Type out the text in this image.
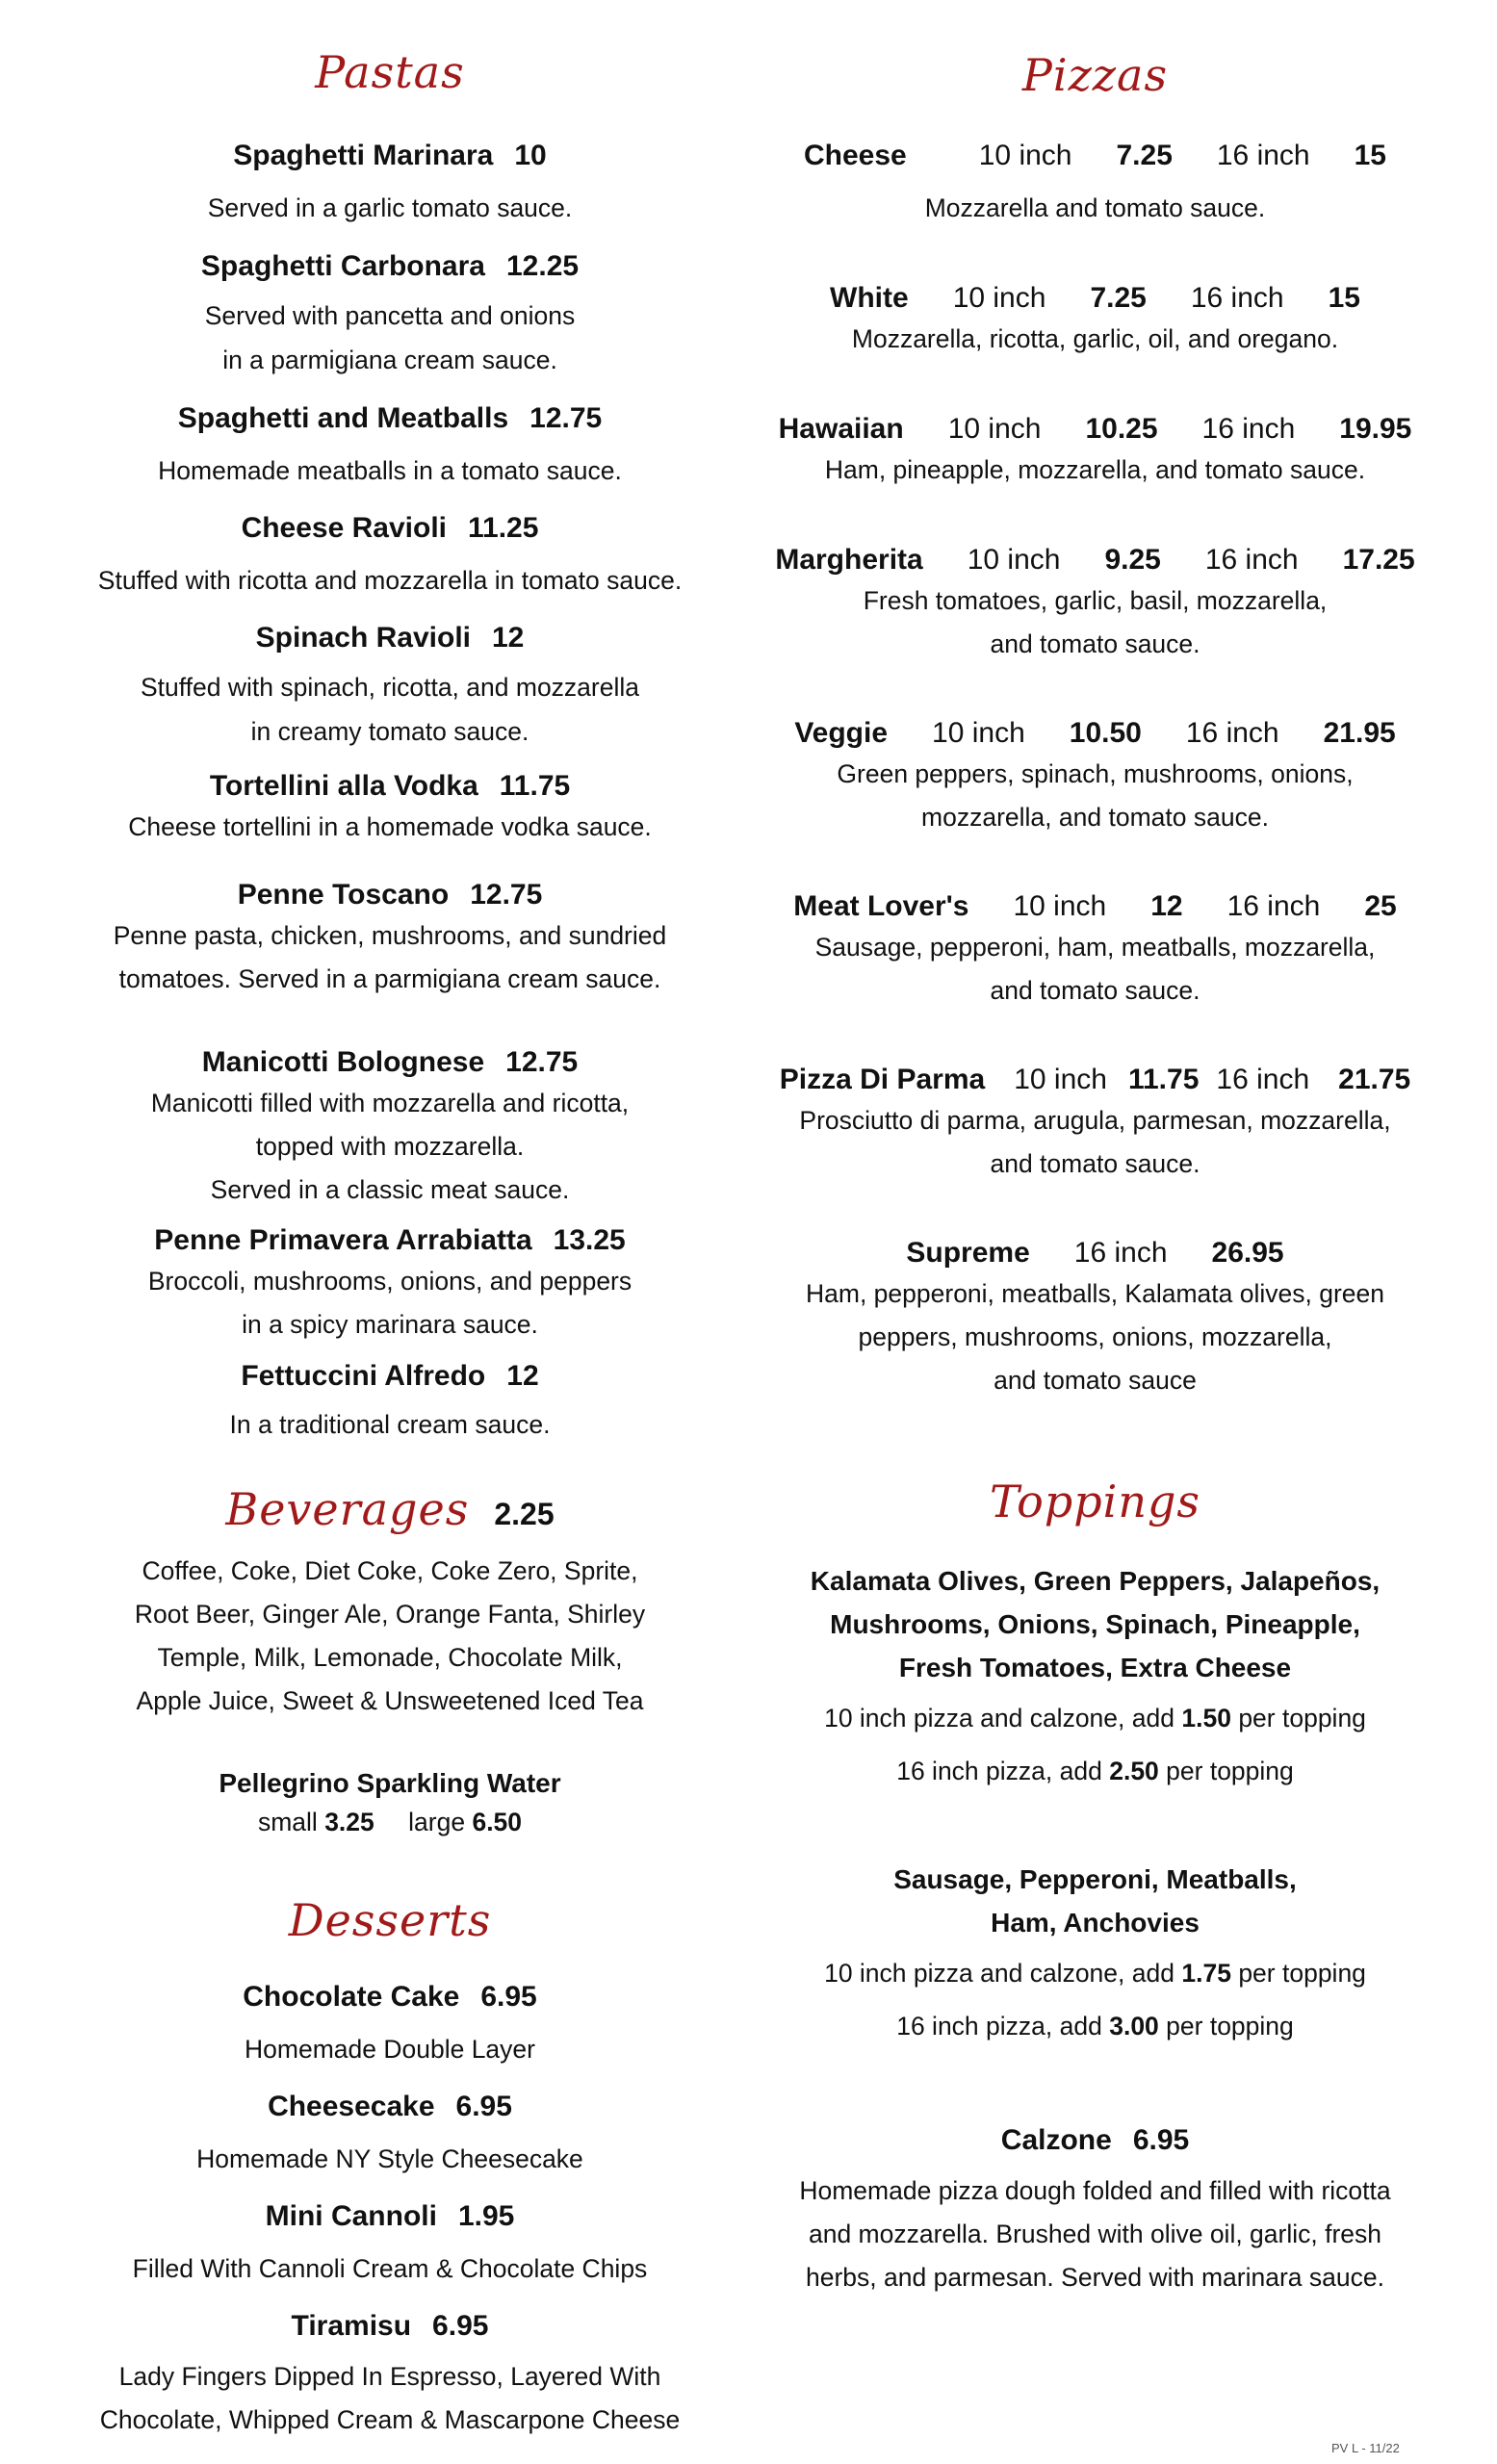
Pastas
Spaghetti Marinara 10
Served in a garlic tomato sauce.
Spaghetti Carbonara 12.25
Served with pancetta and onions
in a parmigiana cream sauce.
Spaghetti and Meatballs 12.75
Homemade meatballs in a tomato sauce.
Cheese Ravioli 11.25
Stuffed with ricotta and mozzarella in tomato sauce.
Spinach Ravioli 12
Stuffed with spinach, ricotta, and mozzarella
in creamy tomato sauce.
Tortellini alla Vodka 11.75
Cheese tortellini in a homemade vodka sauce.
Penne Toscano 12.75
Penne pasta, chicken, mushrooms, and sundried
tomatoes. Served in a parmigiana cream sauce.
Manicotti Bolognese 12.75
Manicotti filled with mozzarella and ricotta,
topped with mozzarella.
Served in a classic meat sauce.
Penne Primavera Arrabiatta 13.25
Broccoli, mushrooms, onions, and peppers
in a spicy marinara sauce.
Fettuccini Alfredo 12
In a traditional cream sauce.
Beverages 2.25
Coffee, Coke, Diet Coke, Coke Zero, Sprite,
Root Beer, Ginger Ale, Orange Fanta, Shirley
Temple, Milk, Lemonade, Chocolate Milk,
Apple Juice, Sweet & Unsweetened Iced Tea
Pellegrino Sparkling Water
small 3.25 large 6.50
Desserts
Chocolate Cake 6.95
Homemade Double Layer
Cheesecake 6.95
Homemade NY Style Cheesecake
Mini Cannoli 1.95
Filled With Cannoli Cream & Chocolate Chips
Tiramisu 6.95
Lady Fingers Dipped In Espresso, Layered With
Chocolate, Whipped Cream & Mascarpone Cheese
Pizzas
Cheese	10 inch 7.25 16 inch 15
Mozzarella and tomato sauce.
White 10 inch 7.25 16 inch 15
Mozzarella, ricotta, garlic, oil, and oregano.
Hawaiian 10 inch 10.25 16 inch 19.95
Ham, pineapple, mozzarella, and tomato sauce.
Margherita 10 inch 9.25 16 inch 17.25
Fresh tomatoes, garlic, basil, mozzarella,
and tomato sauce.
Veggie 10 inch 10.50 16 inch 21.95
Green peppers, spinach, mushrooms, onions,
mozzarella, and tomato sauce.
Meat Lover's 10 inch 12 16 inch 25
Sausage, pepperoni, ham, meatballs, mozzarella,
and tomato sauce.
Pizza Di Parma 10 inch 11.75 16 inch 21.75
Prosciutto di parma, arugula, parmesan, mozzarella,
and tomato sauce.
Supreme 16 inch 26.95
Ham, pepperoni, meatballs, Kalamata olives, green
peppers, mushrooms, onions, mozzarella,
and tomato sauce
Toppings
Kalamata Olives, Green Peppers, Jalapeños,
Mushrooms, Onions, Spinach, Pineapple,
Fresh Tomatoes, Extra Cheese
10 inch pizza and calzone, add 1.50 per topping
16 inch pizza, add 2.50 per topping
Sausage, Pepperoni, Meatballs,
Ham, Anchovies
10 inch pizza and calzone, add 1.75 per topping
16 inch pizza, add 3.00 per topping
Calzone 6.95
Homemade pizza dough folded and filled with ricotta
and mozzarella. Brushed with olive oil, garlic, fresh
herbs, and parmesan. Served with marinara sauce.
PV L - 11/22
